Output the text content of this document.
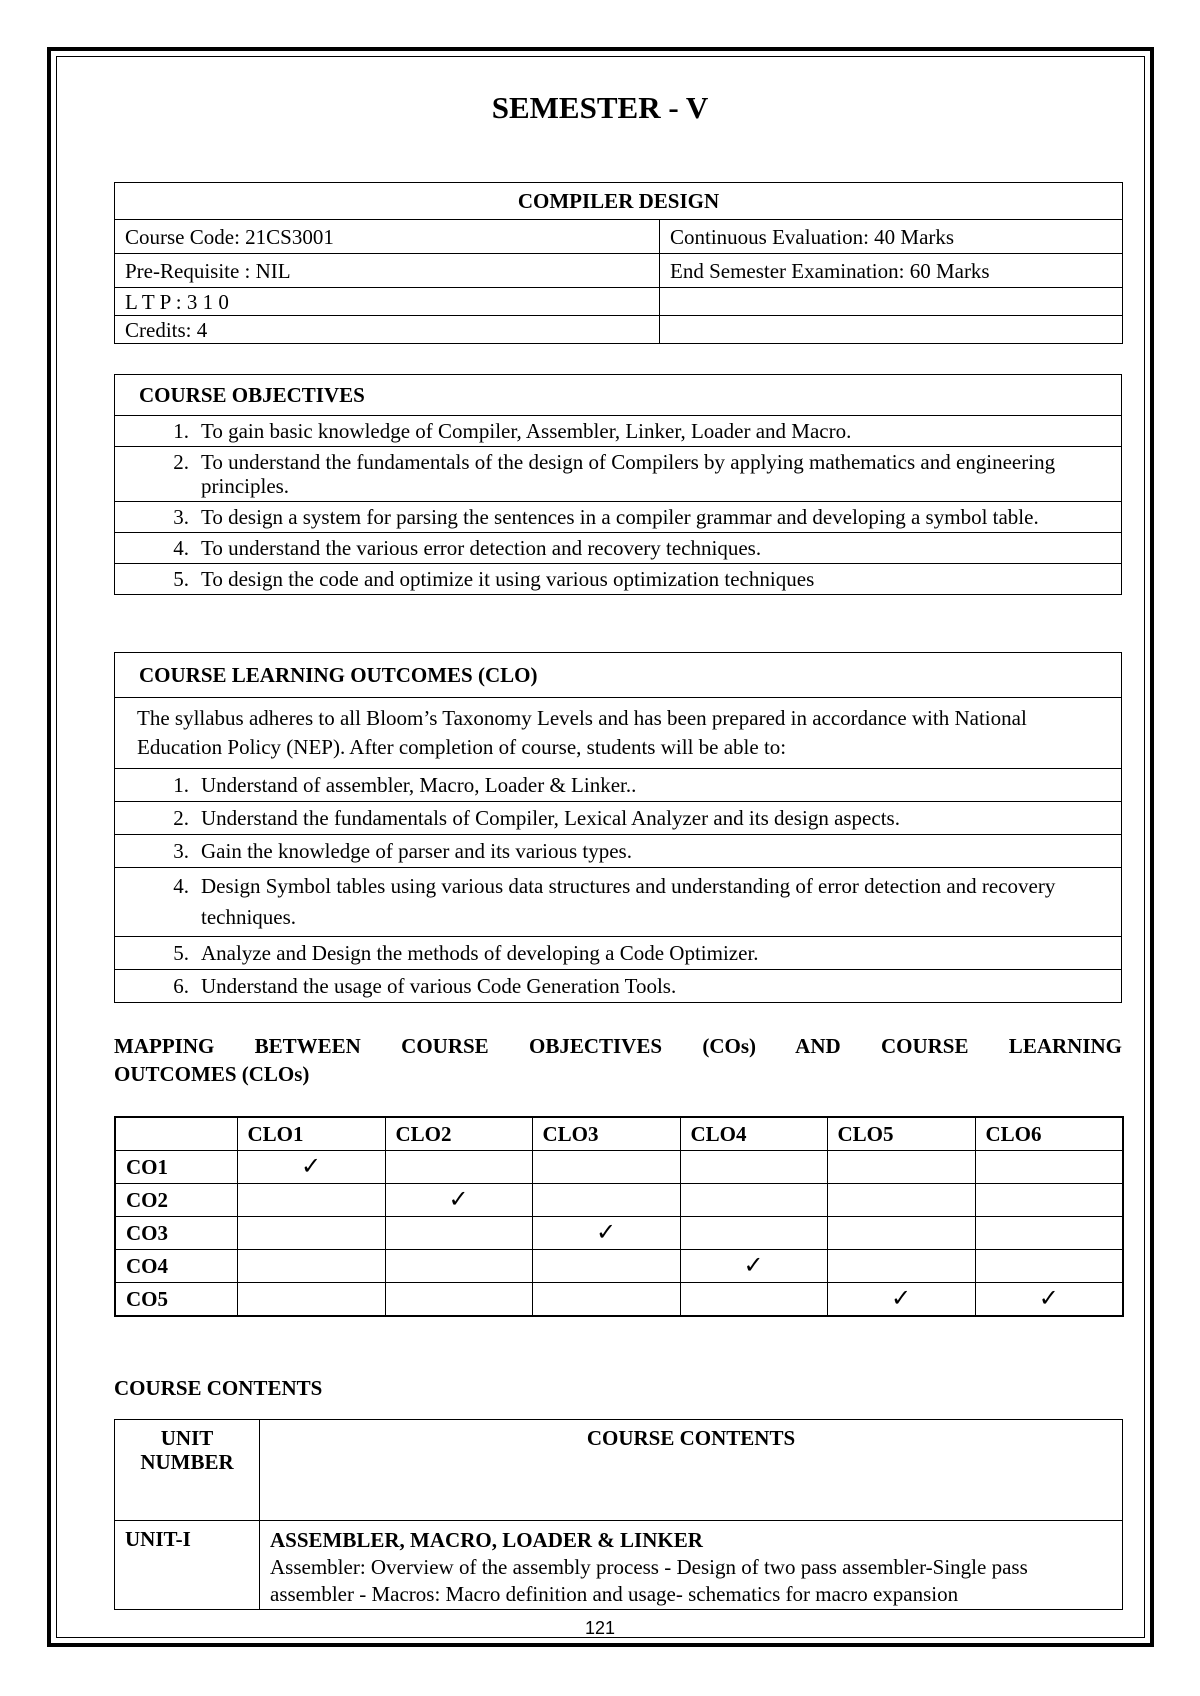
SEMESTER - V
COMPILER DESIGN	
Course Code: 21CS3001	Continuous Evaluation: 40 Marks
Pre-Requisite : NIL	End Semester Examination: 60 Marks
L T P : 3 1 0	
Credits: 4	
COURSE OBJECTIVES
1. To gain basic knowledge of Compiler, Assembler, Linker, Loader and Macro.
2. To understand the fundamentals of the design of Compilers by applying mathematics and engineering principles.
3. To design a system for parsing the sentences in a compiler grammar and developing a symbol table.
4. To understand the various error detection and recovery techniques.
5. To design the code and optimize it using various optimization techniques
COURSE LEARNING OUTCOMES (CLO)
The syllabus adheres to all Bloom’s Taxonomy Levels and has been prepared in accordance with National Education Policy (NEP). After completion of course, students will be able to:
1. Understand of assembler, Macro, Loader & Linker..
2. Understand the fundamentals of Compiler, Lexical Analyzer and its design aspects.
3. Gain the knowledge of parser and its various types.
4. Design Symbol tables using various data structures and understanding of error detection and recovery techniques.
5. Analyze and Design the methods of developing a Code Optimizer.
6. Understand the usage of various Code Generation Tools.
MAPPING BETWEEN COURSE OBJECTIVES (COs) AND COURSE LEARNING
OUTCOMES (CLOs)
	CLO1	CLO2	CLO3	CLO4	CLO5	CLO6
CO1	✓					
CO2		✓				
CO3			✓			
CO4				✓		
CO5					✓	✓
COURSE CONTENTS
UNIT NUMBER	COURSE CONTENTS
UNIT-I	ASSEMBLER, MACRO, LOADER & LINKER
Assembler: Overview of the assembly process - Design of two pass assembler-Single pass assembler - Macros: Macro definition and usage- schematics for macro expansion
121
